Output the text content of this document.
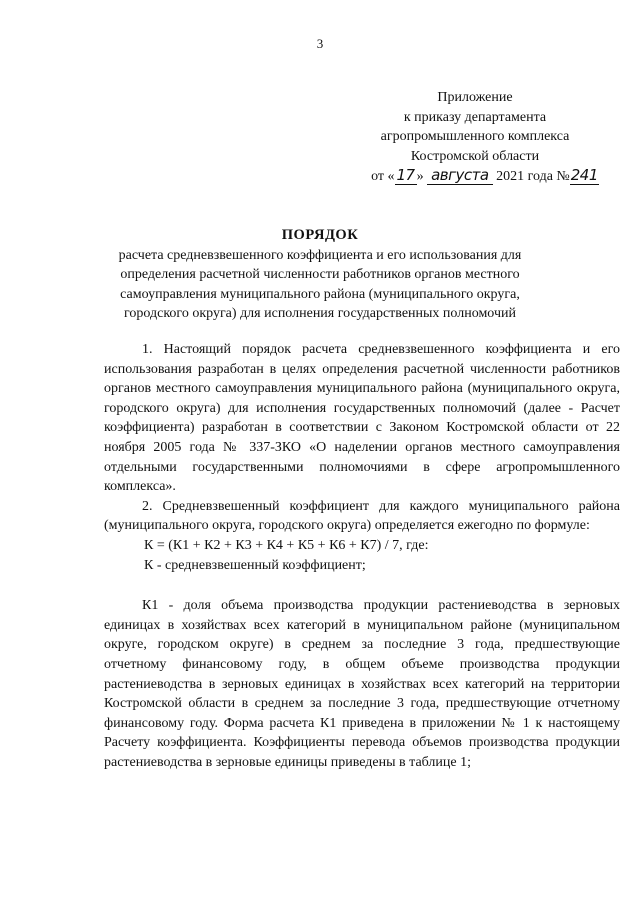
3
Приложение
к приказу департамента
агропромышленного комплекса
Костромской области
от « 17 » августа 2021 года №241
ПОРЯДОК
расчета средневзвешенного коэффициента и его использования для определения расчетной численности работников органов местного самоуправления муниципального района (муниципального округа, городского округа) для исполнения государственных полномочий

1. Настоящий порядок расчета средневзвешенного коэффициента и его использования разработан в целях определения расчетной численности работников органов местного самоуправления муниципального района (муниципального округа, городского округа) для исполнения государственных полномочий (далее - Расчет коэффициента) разработан в соответствии с Законом Костромской области от 22 ноября 2005 года № 337-ЗКО «О наделении органов местного самоуправления отдельными государственными полномочиями в сфере агропромышленного комплекса».

2. Средневзвешенный коэффициент для каждого муниципального района (муниципального округа, городского округа) определяется ежегодно по формуле:

К = (К1 + К2 + К3 + К4 + К5 + К6 + К7) / 7, где:

К - средневзвешенный коэффициент;

К1 - доля объема производства продукции растениеводства в зерновых единицах в хозяйствах всех категорий в муниципальном районе (муниципальном округе, городском округе) в среднем за последние 3 года, предшествующие отчетному финансовому году, в общем объеме производства продукции растениеводства в зерновых единицах в хозяйствах всех категорий на территории Костромской области в среднем за последние 3 года, предшествующие отчетному финансовому году. Форма расчета К1 приведена в приложении № 1 к настоящему Расчету коэффициента. Коэффициенты перевода объемов производства продукции растениеводства в зерновые единицы приведены в таблице 1;
